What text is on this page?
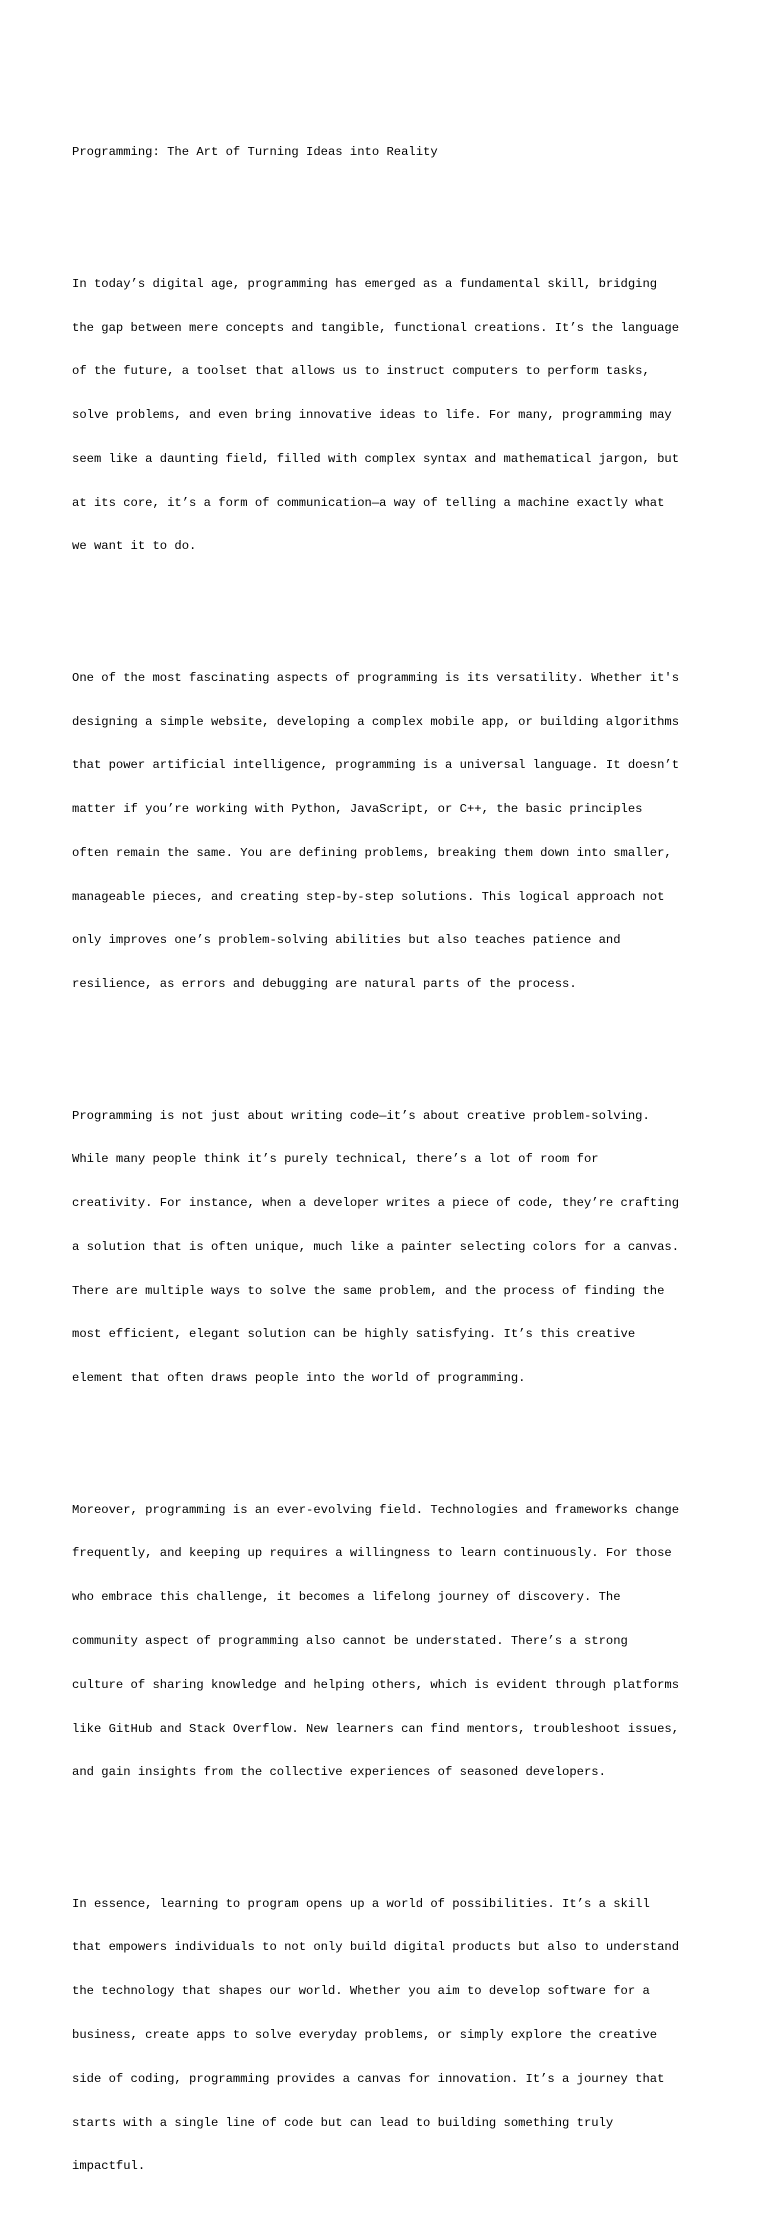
Programming: The Art of Turning Ideas into Reality

In today’s digital age, programming has emerged as a fundamental skill, bridging

the gap between mere concepts and tangible, functional creations. It’s the language

of the future, a toolset that allows us to instruct computers to perform tasks,

solve problems, and even bring innovative ideas to life. For many, programming may

seem like a daunting field, filled with complex syntax and mathematical jargon, but

at its core, it’s a form of communication—a way of telling a machine exactly what

we want it to do.

One of the most fascinating aspects of programming is its versatility. Whether it's

designing a simple website, developing a complex mobile app, or building algorithms

that power artificial intelligence, programming is a universal language. It doesn’t

matter if you’re working with Python, JavaScript, or C++, the basic principles

often remain the same. You are defining problems, breaking them down into smaller,

manageable pieces, and creating step-by-step solutions. This logical approach not

only improves one’s problem-solving abilities but also teaches patience and

resilience, as errors and debugging are natural parts of the process.

Programming is not just about writing code—it’s about creative problem-solving.

While many people think it’s purely technical, there’s a lot of room for

creativity. For instance, when a developer writes a piece of code, they’re crafting

a solution that is often unique, much like a painter selecting colors for a canvas.

There are multiple ways to solve the same problem, and the process of finding the

most efficient, elegant solution can be highly satisfying. It’s this creative

element that often draws people into the world of programming.

Moreover, programming is an ever-evolving field. Technologies and frameworks change

frequently, and keeping up requires a willingness to learn continuously. For those

who embrace this challenge, it becomes a lifelong journey of discovery. The

community aspect of programming also cannot be understated. There’s a strong

culture of sharing knowledge and helping others, which is evident through platforms

like GitHub and Stack Overflow. New learners can find mentors, troubleshoot issues,

and gain insights from the collective experiences of seasoned developers.

In essence, learning to program opens up a world of possibilities. It’s a skill

that empowers individuals to not only build digital products but also to understand

the technology that shapes our world. Whether you aim to develop software for a

business, create apps to solve everyday problems, or simply explore the creative

side of coding, programming provides a canvas for innovation. It’s a journey that

starts with a single line of code but can lead to building something truly

impactful.
